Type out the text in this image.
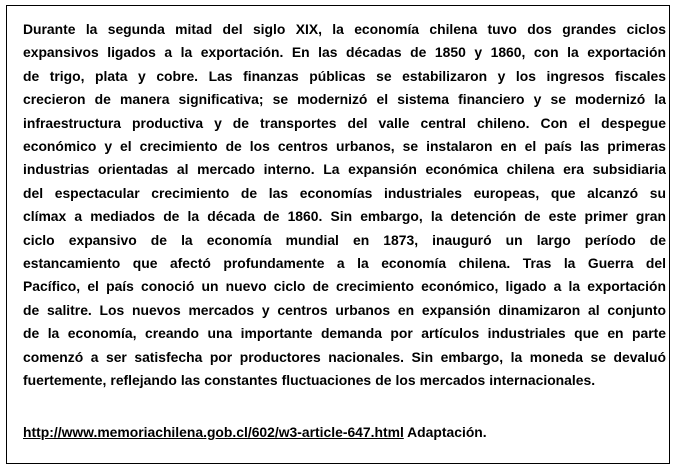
Durante la segunda mitad del siglo XIX, la economía chilena tuvo dos grandes ciclos
expansivos ligados a la exportación. En las décadas de 1850 y 1860, con la exportación
de trigo, plata y cobre. Las finanzas públicas se estabilizaron y los ingresos fiscales
crecieron de manera significativa; se modernizó el sistema financiero y se modernizó la
infraestructura productiva y de transportes del valle central chileno. Con el despegue
económico y el crecimiento de los centros urbanos, se instalaron en el país las primeras
industrias orientadas al mercado interno. La expansión económica chilena era subsidiaria
del espectacular crecimiento de las economías industriales europeas, que alcanzó su
clímax a mediados de la década de 1860. Sin embargo, la detención de este primer gran
ciclo expansivo de la economía mundial en 1873, inauguró un largo período de
estancamiento que afectó profundamente a la economía chilena. Tras la Guerra del
Pacífico, el país conoció un nuevo ciclo de crecimiento económico, ligado a la exportación
de salitre. Los nuevos mercados y centros urbanos en expansión dinamizaron al conjunto
de la economía, creando una importante demanda por artículos industriales que en parte
comenzó a ser satisfecha por productores nacionales. Sin embargo, la moneda se devaluó
fuertemente, reflejando las constantes fluctuaciones de los mercados internacionales.

http://www.memoriachilena.gob.cl/602/w3-article-647.html Adaptación.
